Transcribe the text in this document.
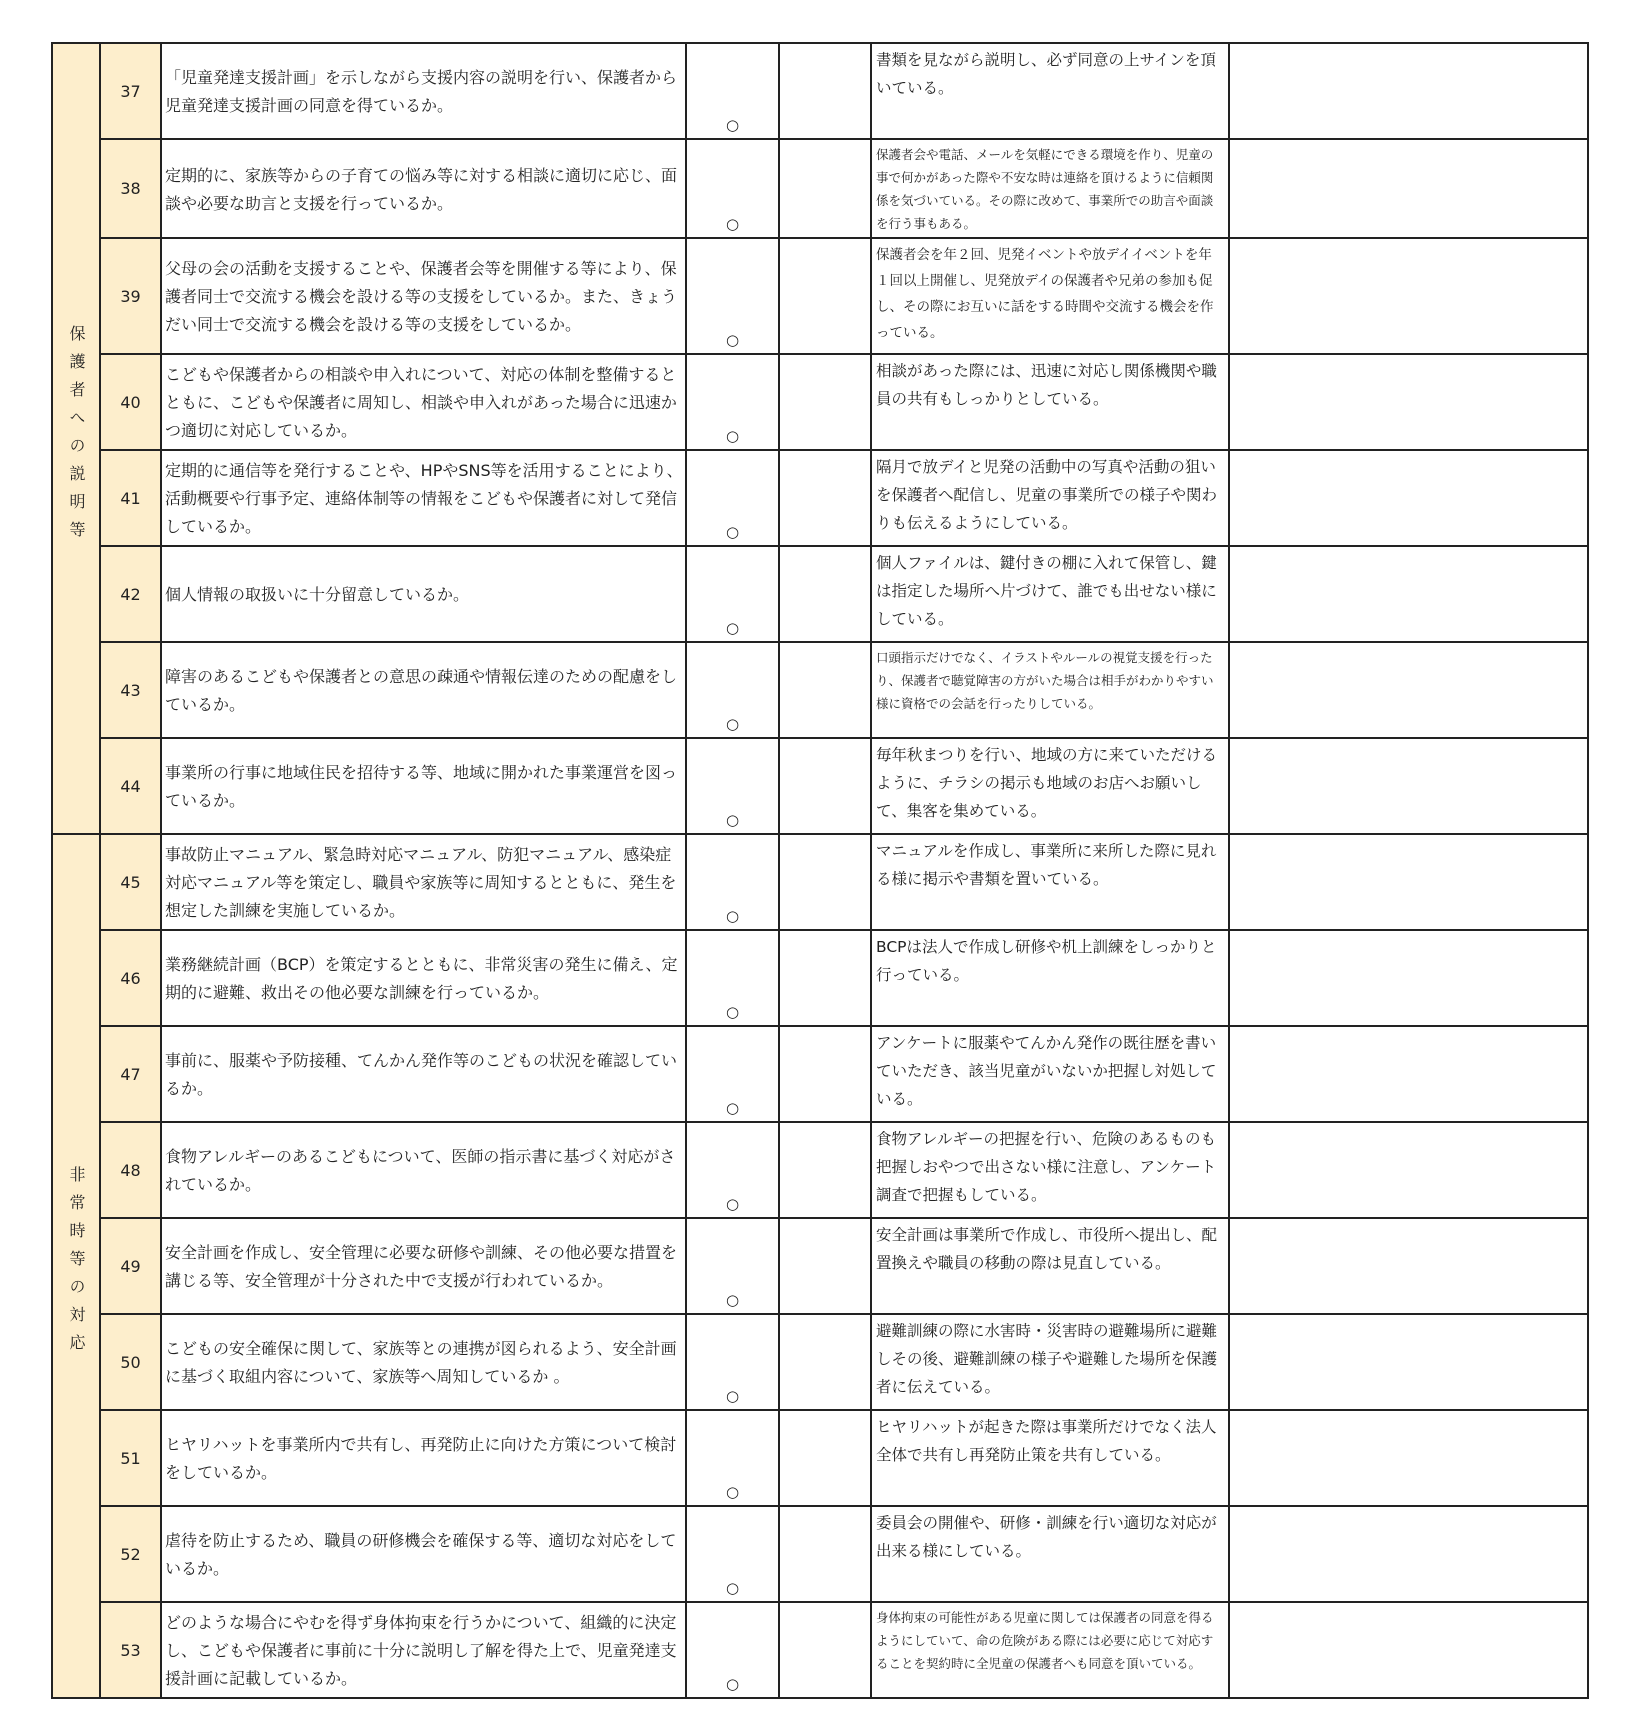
保護者への説明等	37	「児童発達支援計画」を示しながら支援内容の説明を行い、保護者から児童発達支援計画の同意を得ているか。	○		書類を見ながら説明し、必ず同意の上サインを頂いている。	
	38	定期的に、家族等からの子育ての悩み等に対する相談に適切に応じ、面談や必要な助言と支援を行っているか。	○		保護者会や電話、メールを気軽にできる環境を作り、児童の事で何かがあった際や不安な時は連絡を頂けるように信頼関係を気づいている。その際に改めて、事業所での助言や面談を行う事もある。	
	39	父母の会の活動を支援することや、保護者会等を開催する等により、保護者同士で交流する機会を設ける等の支援をしているか。また、きょうだい同士で交流する機会を設ける等の支援をしているか。	○		保護者会を年２回、児発イベントや放デイイベントを年１回以上開催し、児発放デイの保護者や兄弟の参加も促し、その際にお互いに話をする時間や交流する機会を作っている。	
	40	こどもや保護者からの相談や申入れについて、対応の体制を整備するとともに、こどもや保護者に周知し、相談や申入れがあった場合に迅速かつ適切に対応しているか。	○		相談があった際には、迅速に対応し関係機関や職員の共有もしっかりとしている。	
	41	定期的に通信等を発行することや、HPやSNS等を活用することにより、活動概要や行事予定、連絡体制等の情報をこどもや保護者に対して発信しているか。	○		隔月で放デイと児発の活動中の写真や活動の狙いを保護者へ配信し、児童の事業所での様子や関わりも伝えるようにしている。	
	42	個人情報の取扱いに十分留意しているか。	○		個人ファイルは、鍵付きの棚に入れて保管し、鍵は指定した場所へ片づけて、誰でも出せない様にしている。	
	43	障害のあるこどもや保護者との意思の疎通や情報伝達のための配慮をしているか。	○		口頭指示だけでなく、イラストやルールの視覚支援を行ったり、保護者で聴覚障害の方がいた場合は相手がわかりやすい様に資格での会話を行ったりしている。	
	44	事業所の行事に地域住民を招待する等、地域に開かれた事業運営を図っているか。	○		毎年秋まつりを行い、地域の方に来ていただけるように、チラシの掲示も地域のお店へお願いして、集客を集めている。	
非常時等の対応	45	事故防止マニュアル、緊急時対応マニュアル、防犯マニュアル、感染症対応マニュアル等を策定し、職員や家族等に周知するとともに、発生を想定した訓練を実施しているか。	○		マニュアルを作成し、事業所に来所した際に見れる様に掲示や書類を置いている。	
	46	業務継続計画（BCP）を策定するとともに、非常災害の発生に備え、定期的に避難、救出その他必要な訓練を行っているか。	○		BCPは法人で作成し研修や机上訓練をしっかりと行っている。	
	47	事前に、服薬や予防接種、てんかん発作等のこどもの状況を確認しているか。	○		アンケートに服薬やてんかん発作の既往歴を書いていただき、該当児童がいないか把握し対処している。	
	48	食物アレルギーのあるこどもについて、医師の指示書に基づく対応がされているか。	○		食物アレルギーの把握を行い、危険のあるものも把握しおやつで出さない様に注意し、アンケート調査で把握もしている。	
	49	安全計画を作成し、安全管理に必要な研修や訓練、その他必要な措置を講じる等、安全管理が十分された中で支援が行われているか。	○		安全計画は事業所で作成し、市役所へ提出し、配置換えや職員の移動の際は見直している。	
	50	こどもの安全確保に関して、家族等との連携が図られるよう、安全計画に基づく取組内容について、家族等へ周知しているか 。	○		避難訓練の際に水害時・災害時の避難場所に避難しその後、避難訓練の様子や避難した場所を保護者に伝えている。	
	51	ヒヤリハットを事業所内で共有し、再発防止に向けた方策について検討をしているか。	○		ヒヤリハットが起きた際は事業所だけでなく法人全体で共有し再発防止策を共有している。	
	52	虐待を防止するため、職員の研修機会を確保する等、適切な対応をしているか。	○		委員会の開催や、研修・訓練を行い適切な対応が出来る様にしている。	
	53	どのような場合にやむを得ず身体拘束を行うかについて、組織的に決定し、こどもや保護者に事前に十分に説明し了解を得た上で、児童発達支援計画に記載しているか。	○		身体拘束の可能性がある児童に関しては保護者の同意を得るようにしていて、命の危険がある際には必要に応じて対応することを契約時に全児童の保護者へも同意を頂いている。	
